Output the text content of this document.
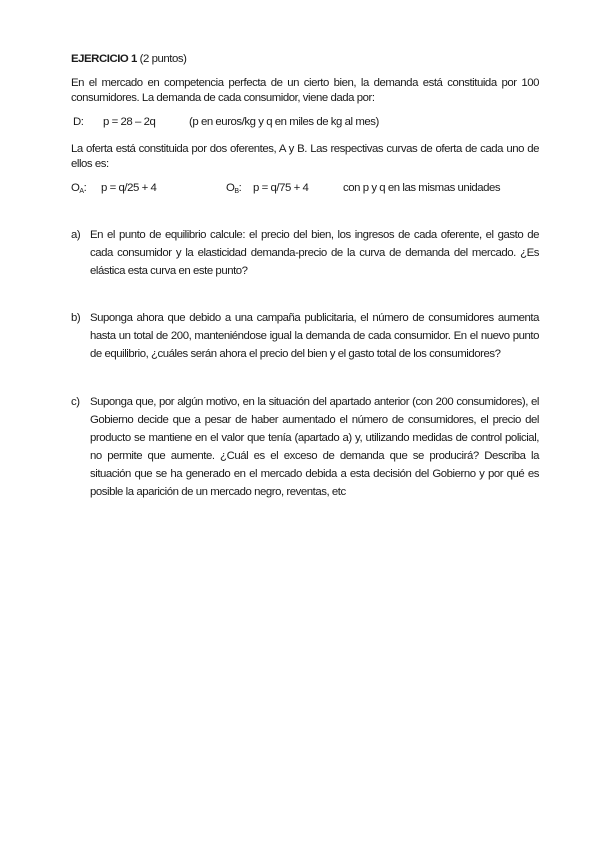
EJERCICIO 1 (2 puntos)
En el mercado en competencia perfecta de un cierto bien, la demanda está constituida por 100 consumidores. La demanda de cada consumidor, viene dada por:
D: p = 28 – 2q	(p en euros/kg y q en miles de kg al mes)
La oferta está constituida por dos oferentes, A y B. Las respectivas curvas de oferta de cada uno de ellos es:
$O_A$: p = q/25 + 4	$O_B$: p = q/75 + 4	con p y q en las mismas unidades
a) En el punto de equilibrio calcule: el precio del bien, los ingresos de cada oferente, el gasto de cada consumidor y la elasticidad demanda-precio de la curva de demanda del mercado. ¿Es elástica esta curva en este punto?
b) Suponga ahora que debido a una campaña publicitaria, el número de consumidores aumenta hasta un total de 200, manteniéndose igual la demanda de cada consumidor. En el nuevo punto de equilibrio, ¿cuáles serán ahora el precio del bien y el gasto total de los consumidores?
c) Suponga que, por algún motivo, en la situación del apartado anterior (con 200 consumidores), el Gobierno decide que a pesar de haber aumentado el número de consumidores, el precio del producto se mantiene en el valor que tenía (apartado a) y, utilizando medidas de control policial, no permite que aumente. ¿Cuál es el exceso de demanda que se producirá? Describa la situación que se ha generado en el mercado debida a esta decisión del Gobierno y por qué es posible la aparición de un mercado negro, reventas, etc
